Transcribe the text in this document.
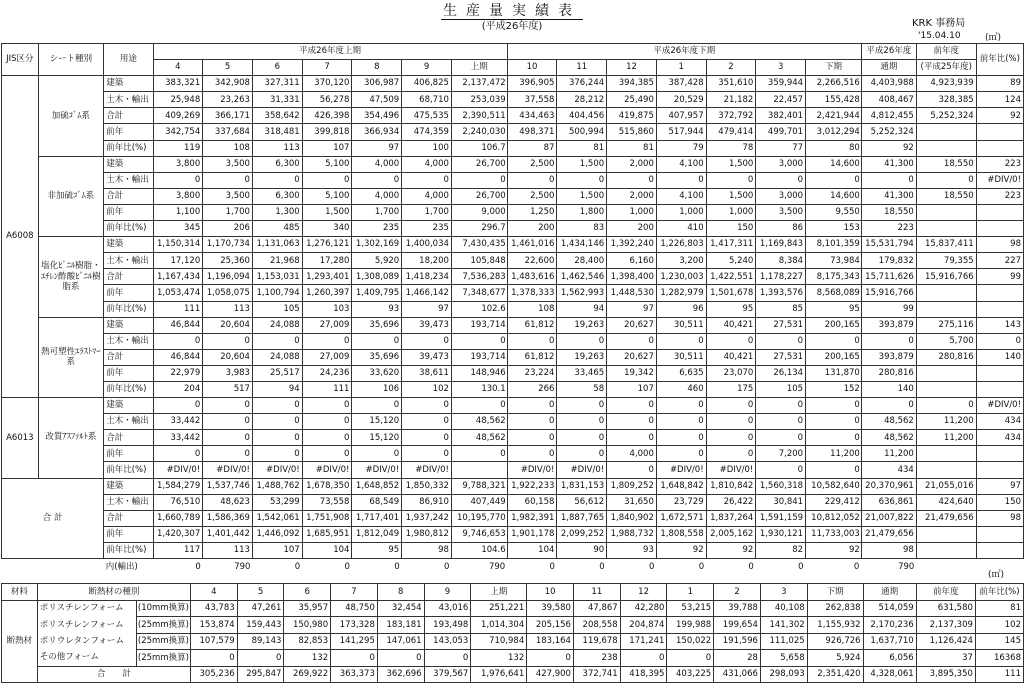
生産量実績表
(平成26年度)	KRK 事務局
'15.04.10	(㎡)
(㎡)
JIS区分	シート種別	用途	平成26年度上期							平成26年度下期							平成26年度	前年度	前年比(%)
			4	5	6	7	8	9	上期	10	11	12	1	2	3	下期	通期	(平成25年度)	
A6008	加硫ｺﾞﾑ系	建築	383,321	342,908	327,311	370,120	306,987	406,825	2,137,472	396,905	376,244	394,385	387,428	351,610	359,944	2,266,516	4,403,988	4,923,939	89
		土木・輸出	25,948	23,263	31,331	56,278	47,509	68,710	253,039	37,558	28,212	25,490	20,529	21,182	22,457	155,428	408,467	328,385	124
		合計	409,269	366,171	358,642	426,398	354,496	475,535	2,390,511	434,463	404,456	419,875	407,957	372,792	382,401	2,421,944	4,812,455	5,252,324	92
		前年	342,754	337,684	318,481	399,818	366,934	474,359	2,240,030	498,371	500,994	515,860	517,944	479,414	499,701	3,012,294	5,252,324		
		前年比(%)	119	108	113	107	97	100	106.7	87	81	81	79	78	77	80	92		
	非加硫ｺﾞﾑ系	建築	3,800	3,500	6,300	5,100	4,000	4,000	26,700	2,500	1,500	2,000	4,100	1,500	3,000	14,600	41,300	18,550	223
		土木・輸出	0	0	0	0	0	0	0	0	0	0	0	0	0	0	0	0	#DIV/0!
		合計	3,800	3,500	6,300	5,100	4,000	4,000	26,700	2,500	1,500	2,000	4,100	1,500	3,000	14,600	41,300	18,550	223
		前年	1,100	1,700	1,300	1,500	1,700	1,700	9,000	1,250	1,800	1,000	1,000	1,000	3,500	9,550	18,550		
		前年比(%)	345	206	485	340	235	235	296.7	200	83	200	410	150	86	153	223		
	塩化ﾋﾞﾆﾙ樹脂・ｴﾁﾚﾝ酢酸ﾋﾞﾆﾙ樹脂系	建築	1,150,314	1,170,734	1,131,063	1,276,121	1,302,169	1,400,034	7,430,435	1,461,016	1,434,146	1,392,240	1,226,803	1,417,311	1,169,843	8,101,359	15,531,794	15,837,411	98
		土木・輸出	17,120	25,360	21,968	17,280	5,920	18,200	105,848	22,600	28,400	6,160	3,200	5,240	8,384	73,984	179,832	79,355	227
		合計	1,167,434	1,196,094	1,153,031	1,293,401	1,308,089	1,418,234	7,536,283	1,483,616	1,462,546	1,398,400	1,230,003	1,422,551	1,178,227	8,175,343	15,711,626	15,916,766	99
		前年	1,053,474	1,058,075	1,100,794	1,260,397	1,409,795	1,466,142	7,348,677	1,378,333	1,562,993	1,448,530	1,282,979	1,501,678	1,393,576	8,568,089	15,916,766		
		前年比(%)	111	113	105	103	93	97	102.6	108	94	97	96	95	85	95	99		
	熱可塑性ｴﾗｽﾄﾏｰ系	建築	46,844	20,604	24,088	27,009	35,696	39,473	193,714	61,812	19,263	20,627	30,511	40,421	27,531	200,165	393,879	275,116	143
		土木・輸出	0	0	0	0	0	0	0	0	0	0	0	0	0	0	0	5,700	0
		合計	46,844	20,604	24,088	27,009	35,696	39,473	193,714	61,812	19,263	20,627	30,511	40,421	27,531	200,165	393,879	280,816	140
		前年	22,979	3,983	25,517	24,236	33,620	38,611	148,946	23,224	33,465	19,342	6,635	23,070	26,134	131,870	280,816		
		前年比(%)	204	517	94	111	106	102	130.1	266	58	107	460	175	105	152	140		
A6013	改質ｱｽﾌｧﾙﾄ系	建築	0	0	0	0	0	0	0	0	0	0	0	0	0	0	0	0	#DIV/0!
		土木・輸出	33,442	0	0	0	15,120	0	48,562	0	0	0	0	0	0	0	48,562	11,200	434
		合計	33,442	0	0	0	15,120	0	48,562	0	0	0	0	0	0	0	48,562	11,200	434
		前年	0	0	0	0	0	0	0	0	0	4,000	0	0	7,200	11,200	11,200		
		前年比(%)	#DIV/0!	#DIV/0!	#DIV/0!	#DIV/0!	#DIV/0!	#DIV/0!		#DIV/0!	#DIV/0!	0	#DIV/0!	#DIV/0!	0	0	434		
合 計		建築	1,584,279	1,537,746	1,488,762	1,678,350	1,648,852	1,850,332	9,788,321	1,922,233	1,831,153	1,809,252	1,648,842	1,810,842	1,560,318	10,582,640	20,370,961	21,055,016	97
		土木・輸出	76,510	48,623	53,299	73,558	68,549	86,910	407,449	60,158	56,612	31,650	23,729	26,422	30,841	229,412	636,861	424,640	150
		合計	1,660,789	1,586,369	1,542,061	1,751,908	1,717,401	1,937,242	10,195,770	1,982,391	1,887,765	1,840,902	1,672,571	1,837,264	1,591,159	10,812,052	21,007,822	21,479,656	98
		前年	1,420,307	1,401,442	1,446,092	1,685,951	1,812,049	1,980,812	9,746,653	1,901,178	2,099,252	1,988,732	1,808,558	2,005,162	1,930,121	11,733,003	21,479,656		
		前年比(%)	117	113	107	104	95	98	104.6	104	90	93	92	92	82	92	98		
		内(輸出)	0	790	0	0	0	0	790	0	0	0	0	0	0	0	790		
材料	断熱材の種別		4	5	6	7	8	9	上期	10	11	12	1	2	3	下期	通期	前年度	前年比(%)
断熱材	ポリスチレンフォーム	(10mm換算)	43,783	47,261	35,957	48,750	32,454	43,016	251,221	39,580	47,867	42,280	53,215	39,788	40,108	262,838	514,059	631,580	81
	ポリスチレンフォーム	(25mm換算)	153,874	159,443	150,980	173,328	183,181	193,498	1,014,304	205,156	208,558	204,874	199,988	199,654	141,302	1,155,932	2,170,236	2,137,309	102
	ポリウレタンフォーム	(25mm換算)	107,579	89,143	82,853	141,295	147,061	143,053	710,984	183,164	119,678	171,241	150,022	191,596	111,025	926,726	1,637,710	1,126,424	145
	その他フォーム	(25mm換算)	0	0	132	0	0	0	132	0	238	0	0	28	5,658	5,924	6,056	37	16368
	合　　計		305,236	295,847	269,922	363,373	362,696	379,567	1,976,641	427,900	372,741	418,395	403,225	431,066	298,093	2,351,420	4,328,061	3,895,350	111
